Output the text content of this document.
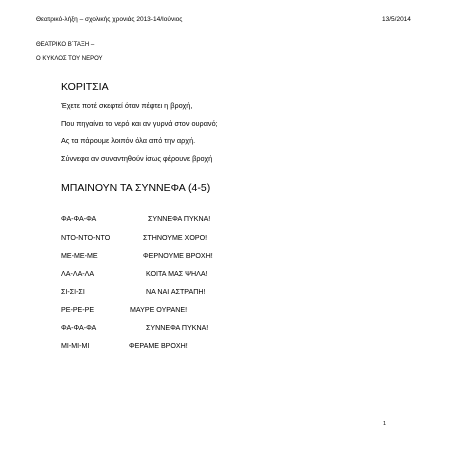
Θεατρικό-λήξη – σχολικής χρονιάς 2013-14/Ιούνιος	13/5/2014
ΘΕΑΤΡΙΚΟ Β΄ΤΑΞΗ –
Ο ΚΥΚΛΟΣ ΤΟΥ ΝΕΡΟΥ
ΚΟΡΙΤΣΙΑ
Έχετε ποτέ σκεφτεί όταν πέφτει η βροχή,
Που πηγαίνει το νερό και αν γυρνά στον ουρανό;
Ας τα πάρουμε λοιπόν όλα από την αρχή.
Σύννεφα αν συναντηθούν ίσως φέρουνε βροχή
ΜΠΑΙΝΟΥΝ ΤΑ ΣΥΝΝΕΦΑ (4-5)
ΦΑ-ΦΑ-ΦΑ	ΣΥΝΝΕΦΑ ΠΥΚΝΑ!
ΝΤΟ-ΝΤΟ-ΝΤΟ	ΣΤΗΝΟΥΜΕ ΧΟΡΟ!
ΜΕ-ΜΕ-ΜΕ	ΦΕΡΝΟΥΜΕ ΒΡΟΧΗ!
ΛΑ-ΛΑ-ΛΑ	ΚΟΙΤΑ ΜΑΣ ΨΗΛΑ!
ΣΙ-ΣΙ-ΣΙ	ΝΑ ΝΑΙ ΑΣΤΡΑΠΗ!
ΡΕ-ΡΕ-ΡΕ	ΜΑΥΡΕ ΟΥΡΑΝΕ!
ΦΑ-ΦΑ-ΦΑ	ΣΥΝΝΕΦΑ ΠΥΚΝΑ!
ΜΙ-ΜΙ-ΜΙ	ΦΕΡΑΜΕ ΒΡΟΧΗ!
1
